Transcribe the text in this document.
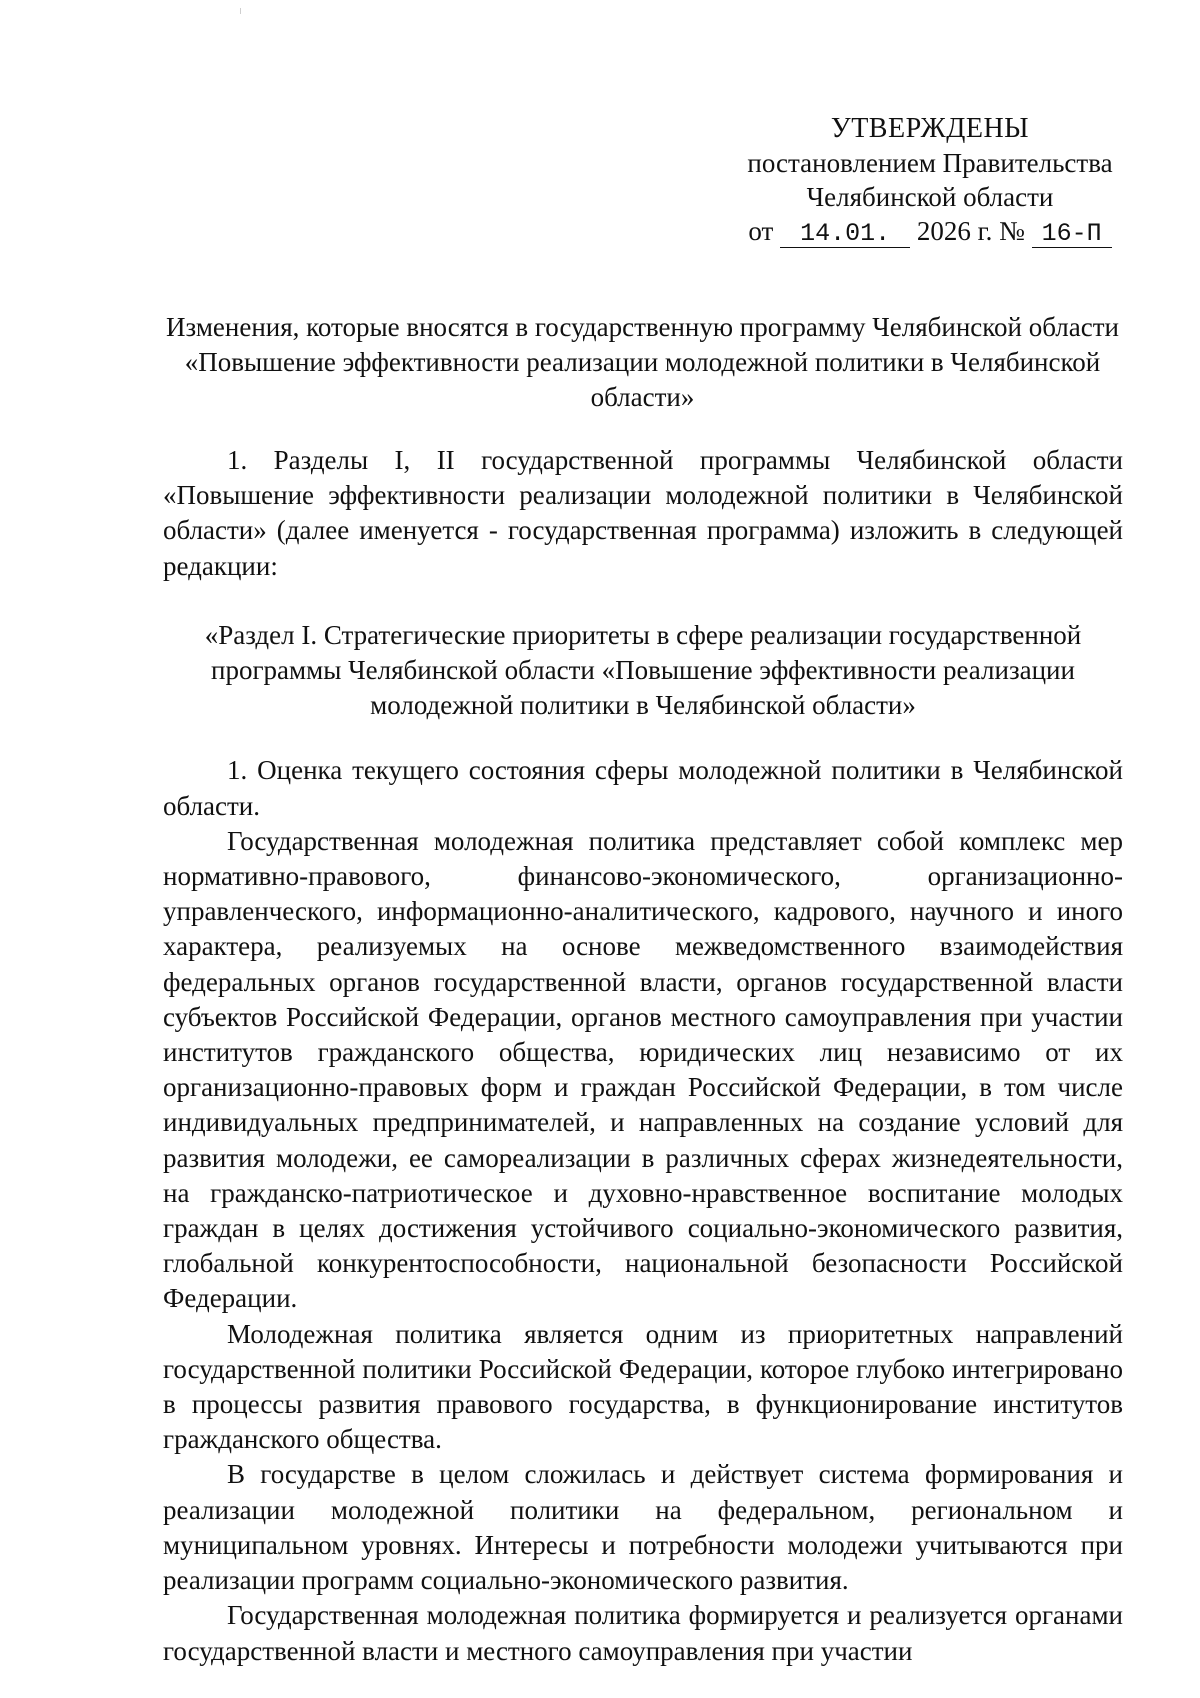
УТВЕРЖДЕНЫ
постановлением Правительства
Челябинской области
от 14.01. 2026 г. № 16-П
Изменения, которые вносятся в государственную программу Челябинской области «Повышение эффективности реализации молодежной политики в Челябинской области»

1. Разделы I, II государственной программы Челябинской области «Повышение эффективности реализации молодежной политики в Челябинской области» (далее именуется - государственная программа) изложить в следующей редакции:

«Раздел I. Стратегические приоритеты в сфере реализации государственной программы Челябинской области «Повышение эффективности реализации молодежной политики в Челябинской области»

1. Оценка текущего состояния сферы молодежной политики в Челябинской области.

Государственная молодежная политика представляет собой комплекс мер нормативно-правового, финансово-экономического, организационно-управленческого, информационно-аналитического, кадрового, научного и иного характера, реализуемых на основе межведомственного взаимодействия федеральных органов государственной власти, органов государственной власти субъектов Российской Федерации, органов местного самоуправления при участии институтов гражданского общества, юридических лиц независимо от их организационно-правовых форм и граждан Российской Федерации, в том числе индивидуальных предпринимателей, и направленных на создание условий для развития молодежи, ее самореализации в различных сферах жизнедеятельности, на гражданско-патриотическое и духовно-нравственное воспитание молодых граждан в целях достижения устойчивого социально-экономического развития, глобальной конкурентоспособности, национальной безопасности Российской Федерации.

Молодежная политика является одним из приоритетных направлений государственной политики Российской Федерации, которое глубоко интегрировано в процессы развития правового государства, в функционирование институтов гражданского общества.

В государстве в целом сложилась и действует система формирования и реализации молодежной политики на федеральном, региональном и муниципальном уровнях. Интересы и потребности молодежи учитываются при реализации программ социально-экономического развития.

Государственная молодежная политика формируется и реализуется органами государственной власти и местного самоуправления при участии
